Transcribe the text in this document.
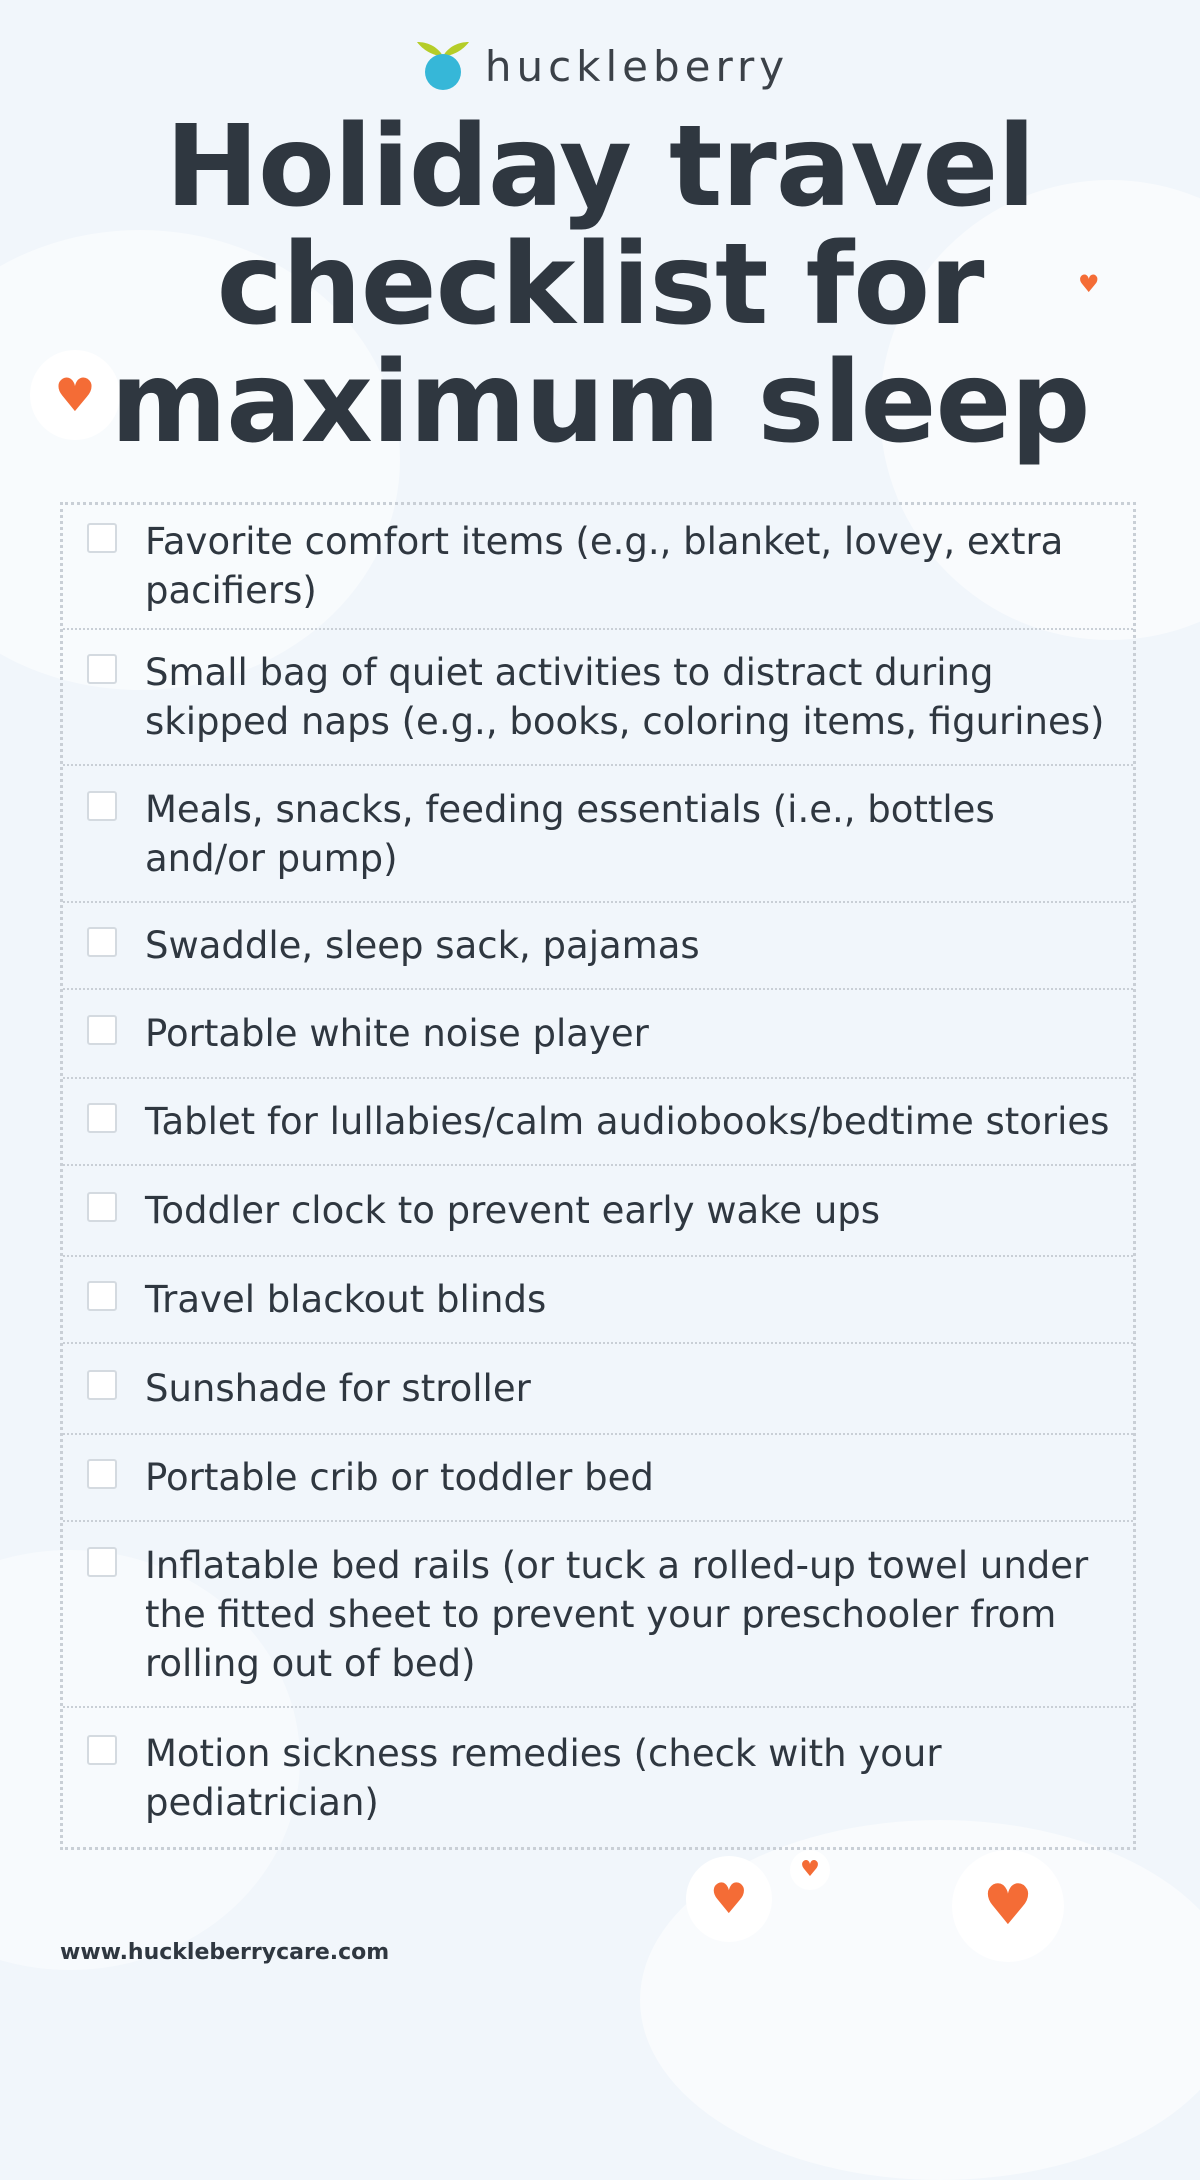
♥
♥
♥
♥
♥
huckleberry
Holiday travel
checklist for
maximum sleep
Favorite comfort items (e.g., blanket, lovey, extra pacifiers)
Small bag of quiet activities to distract during skipped naps (e.g., books, coloring items, figurines)
Meals, snacks, feeding essentials (i.e., bottles and/or pump)
Swaddle, sleep sack, pajamas
Portable white noise player
Tablet for lullabies/calm audiobooks/bedtime stories
Toddler clock to prevent early wake ups
Travel blackout blinds
Sunshade for stroller
Portable crib or toddler bed
Inflatable bed rails (or tuck a rolled-up towel under the fitted sheet to prevent your preschooler from rolling out of bed)
Motion sickness remedies (check with your pediatrician)
www.huckleberrycare.com
